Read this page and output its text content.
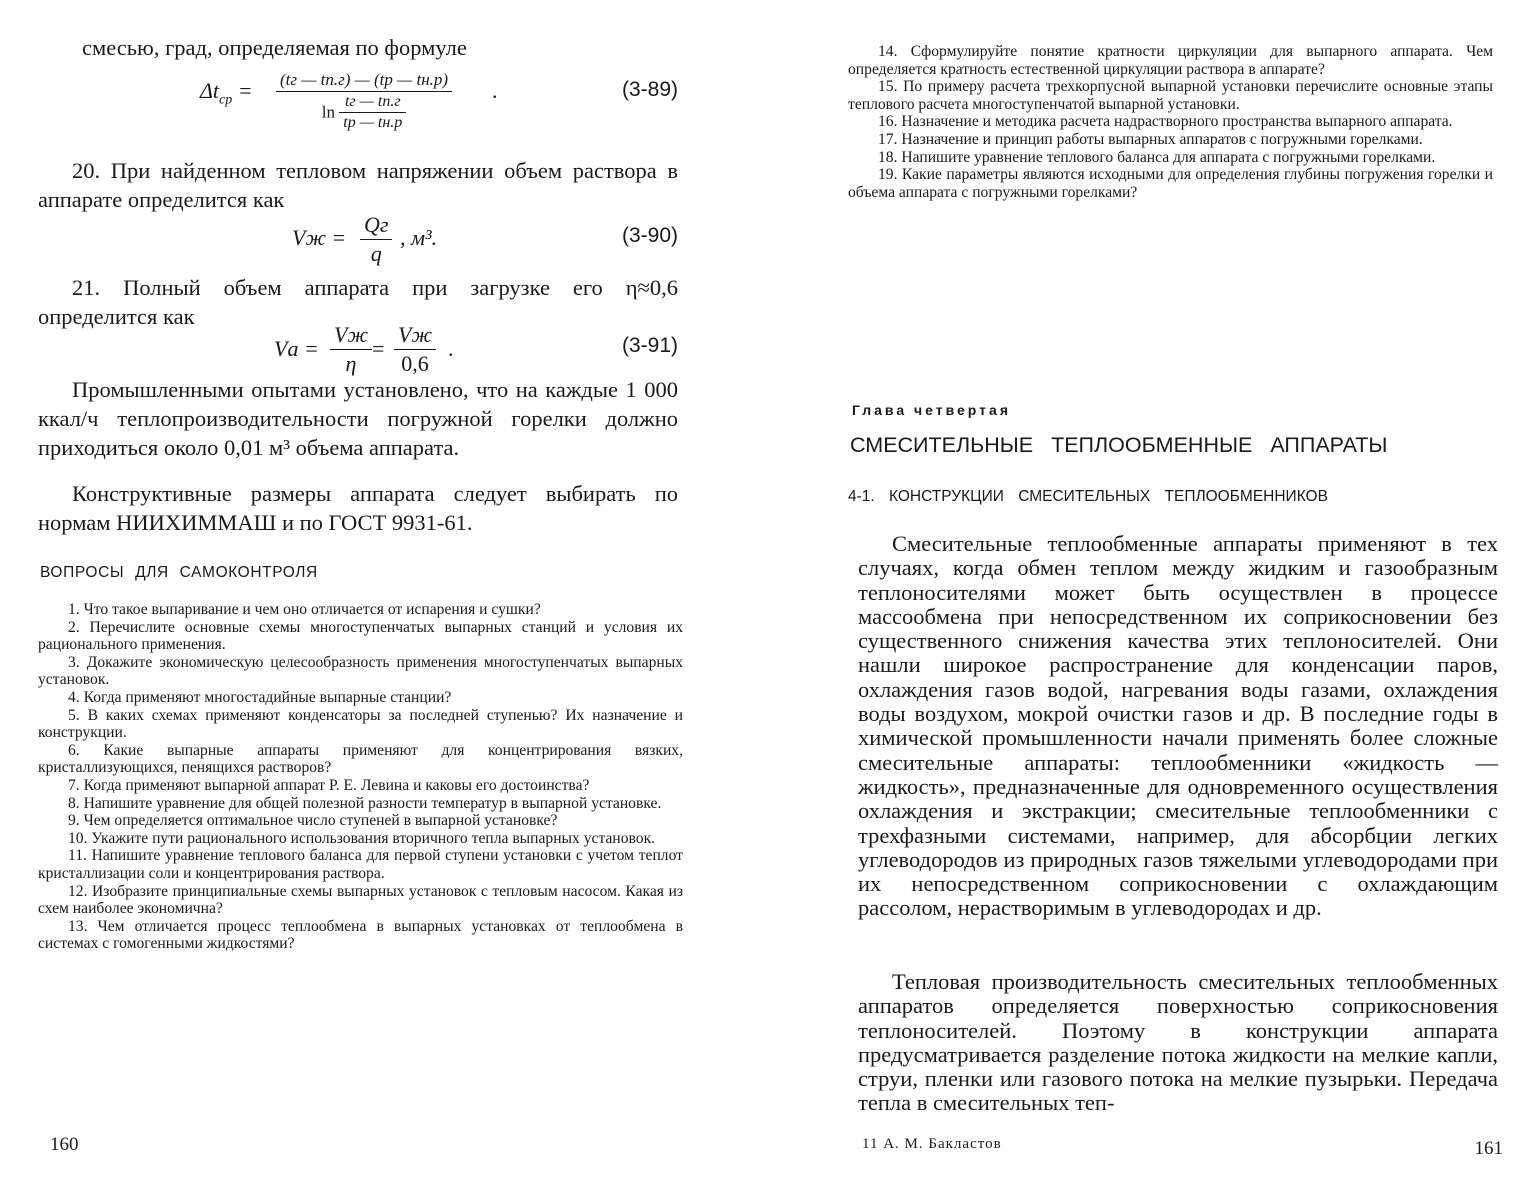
смесью, град, определяемая по формуле

$\Delta t_{ср} = (tг$ — tп.г) — (tр — tн.р)
$\ln \frac{tг — tп.г}{tр — tн.р}$
.	(3-89)

20. При найденном тепловом напряжении объем раствора в аппарате определится как

Vж =
Qг
q
, м³.	(3-90)

21. Полный объем аппарата при загрузке его η≈0,6 определится как

Vа =
Vж
η
=
Vж
0,6
.	(3-91)

Промышленными опытами установлено, что на каждые 1 000 ккал/ч теплопроизводительности погружной горелки должно приходиться около 0,01 м³ объема аппарата.

Конструктивные размеры аппарата следует выбирать по нормам НИИХИММАШ и по ГОСТ 9931-61.

ВОПРОСЫ ДЛЯ САМОКОНТРОЛЯ

1. Что такое выпаривание и чем оно отличается от испарения и сушки?

2. Перечислите основные схемы многоступенчатых выпарных станций и условия их рационального применения.

3. Докажите экономическую целесообразность применения многоступенчатых выпарных установок.

4. Когда применяют многостадийные выпарные станции?

5. В каких схемах применяют конденсаторы за последней ступенью? Их назначение и конструкции.

6. Какие выпарные аппараты применяют для концентрирования вязких, кристаллизующихся, пенящихся растворов?

7. Когда применяют выпарной аппарат Р. Е. Левина и каковы его достоинства?

8. Напишите уравнение для общей полезной разности температур в выпарной установке.

9. Чем определяется оптимальное число ступеней в выпарной установке?

10. Укажите пути рационального использования вторичного тепла выпарных установок.

11. Напишите уравнение теплового баланса для первой ступени установки с учетом теплот кристаллизации соли и концентрирования раствора.

12. Изобразите принципиальные схемы выпарных установок с тепловым насосом. Какая из схем наиболее экономична?

13. Чем отличается процесс теплообмена в выпарных установках от теплообмена в системах с гомогенными жидкостями?

160

14. Сформулируйте понятие кратности циркуляции для выпарного аппарата. Чем определяется кратность естественной циркуляции раствора в аппарате?

15. По примеру расчета трехкорпусной выпарной установки перечислите основные этапы теплового расчета многоступенчатой выпарной установки.

16. Назначение и методика расчета надрастворного пространства выпарного аппарата.

17. Назначение и принцип работы выпарных аппаратов с погружными горелками.

18. Напишите уравнение теплового баланса для аппарата с погружными горелками.

19. Какие параметры являются исходными для определения глубины погружения горелки и объема аппарата с погружными горелками?

Глава четвертая
СМЕСИТЕЛЬНЫЕ ТЕПЛООБМЕННЫЕ АППАРАТЫ
4-1. КОНСТРУКЦИИ СМЕСИТЕЛЬНЫХ ТЕПЛООБМЕННИКОВ

Смесительные теплообменные аппараты применяют в тех случаях, когда обмен теплом между жидким и газообразным теплоносителями может быть осуществлен в процессе массообмена при непосредственном их соприкосновении без существенного снижения качества этих теплоносителей. Они нашли широкое распространение для конденсации паров, охлаждения газов водой, нагревания воды газами, охлаждения воды воздухом, мокрой очистки газов и др. В последние годы в химической промышленности начали применять более сложные смесительные аппараты: теплообменники «жидкость — жидкость», предназначенные для одновременного осуществления охлаждения и экстракции; смесительные теплообменники с трехфазными системами, например, для абсорбции легких углеводородов из природных газов тяжелыми углеводородами при их непосредственном соприкосновении с охлаждающим рассолом, нерастворимым в углеводородах и др.

Тепловая производительность смесительных теплообменных аппаратов определяется поверхностью соприкосновения теплоносителей. Поэтому в конструкции аппарата предусматривается разделение потока жидкости на мелкие капли, струи, пленки или газового потока на мелкие пузырьки. Передача тепла в смесительных теп-

11 А. М. Бакластов	161
